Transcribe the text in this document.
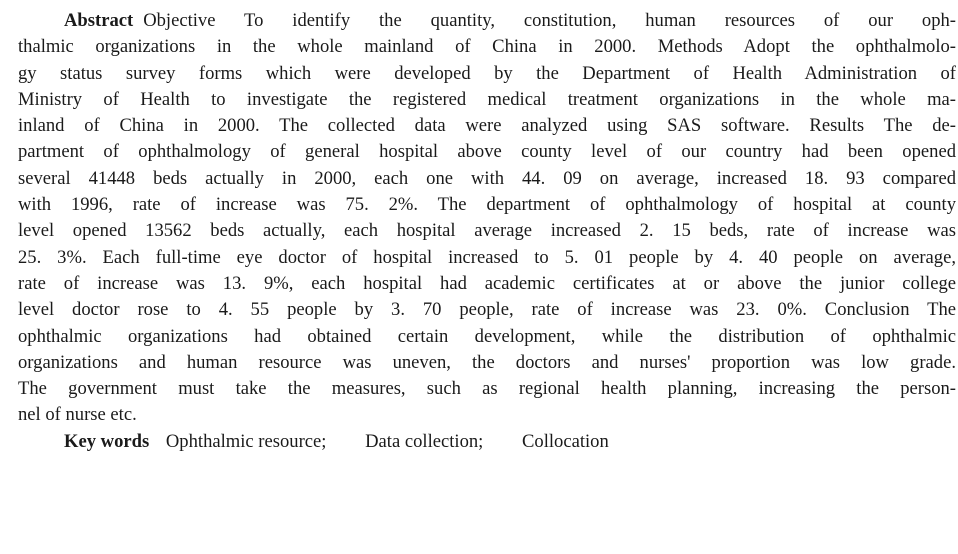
Abstract Objective To identify the quantity, constitution, human resources of our oph-
thalmic organizations in the whole mainland of China in 2000. Methods Adopt the ophthalmolo-
gy status survey forms which were developed by the Department of Health Administration of
Ministry of Health to investigate the registered medical treatment organizations in the whole ma-
inland of China in 2000. The collected data were analyzed using SAS software. Results The de-
partment of ophthalmology of general hospital above county level of our country had been opened
several 41448 beds actually in 2000, each one with 44. 09 on average, increased 18. 93 compared
with 1996, rate of increase was 75. 2%. The department of ophthalmology of hospital at county
level opened 13562 beds actually, each hospital average increased 2. 15 beds, rate of increase was
25. 3%. Each full-time eye doctor of hospital increased to 5. 01 people by 4. 40 people on average,
rate of increase was 13. 9%, each hospital had academic certificates at or above the junior college
level doctor rose to 4. 55 people by 3. 70 people, rate of increase was 23. 0%. Conclusion The
ophthalmic organizations had obtained certain development, while the distribution of ophthalmic
organizations and human resource was uneven, the doctors and nurses' proportion was low grade.
The government must take the measures, such as regional health planning, increasing the person-
nel of nurse etc.
Key words Ophthalmic resource; Data collection; Collocation
